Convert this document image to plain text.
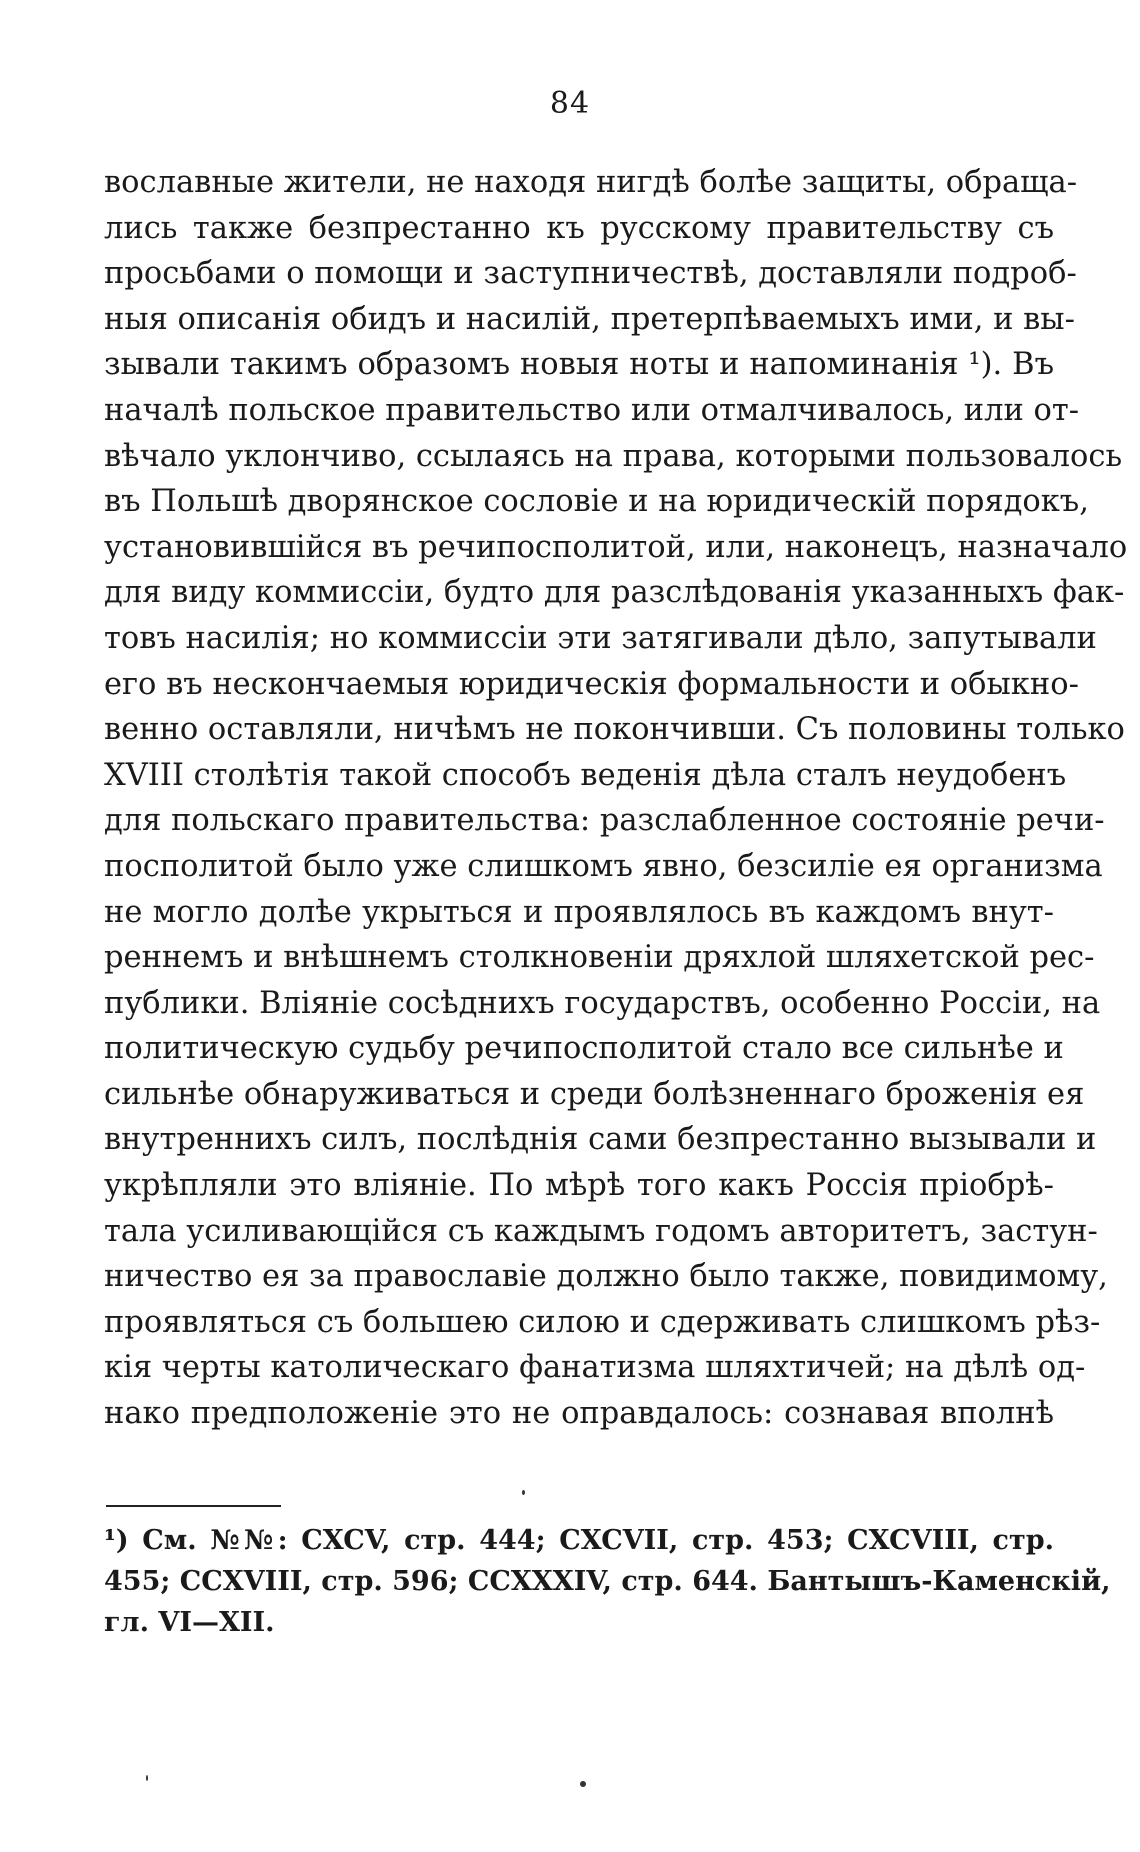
84
вославные жители, не находя нигдѣ болѣе защиты, обраща-
лись также безпрестанно къ русскому правительству съ
просьбами о помощи и заступничествѣ, доставляли подроб-
ныя описанія обидъ и насилій, претерпѣваемыхъ ими, и вы-
зывали такимъ образомъ новыя ноты и напоминанія ¹). Въ
началѣ польское правительство или отмалчивалось, или от-
вѣчало уклончиво, ссылаясь на права, которыми пользовалось
въ Польшѣ дворянское сословіе и на юридическій порядокъ,
установившійся въ речипосполитой, или, наконецъ, назначало
для виду коммиссіи, будто для разслѣдованія указанныхъ фак-
товъ насилія; но коммиссіи эти затягивали дѣло, запутывали
его въ нескончаемыя юридическія формальности и обыкно-
венно оставляли, ничѣмъ не покончивши. Съ половины только
XVIII столѣтія такой способъ веденія дѣла сталъ неудобенъ
для польскаго правительства: разслабленное состояніе речи-
посполитой было уже слишкомъ явно, безсиліе ея организма
не могло долѣе укрыться и проявлялось въ каждомъ внут-
реннемъ и внѣшнемъ столкновеніи дряхлой шляхетской рес-
публики. Вліяніе сосѣднихъ государствъ, особенно Россіи, на
политическую судьбу речипосполитой стало все сильнѣе и
сильнѣе обнаруживаться и среди болѣзненнаго броженія ея
внутреннихъ силъ, послѣднія сами безпрестанно вызывали и
укрѣпляли это вліяніе. По мѣрѣ того какъ Россія пріобрѣ-
тала усиливающійся съ каждымъ годомъ авторитетъ, застун-
ничество ея за православіе должно было также, повидимому,
проявляться съ большею силою и сдерживать слишкомъ рѣз-
кія черты католическаго фанатизма шляхтичей; на дѣлѣ од-
нако предположеніе это не оправдалось: сознавая вполнѣ
¹) См. №№: CXCV, стр. 444; CXCVII, стр. 453; CXCVIII, стр.
455; CCXVIII, стр. 596; CCXXXIV, стр. 644. Бантышъ-Каменскій,
гл. VI—XII.
